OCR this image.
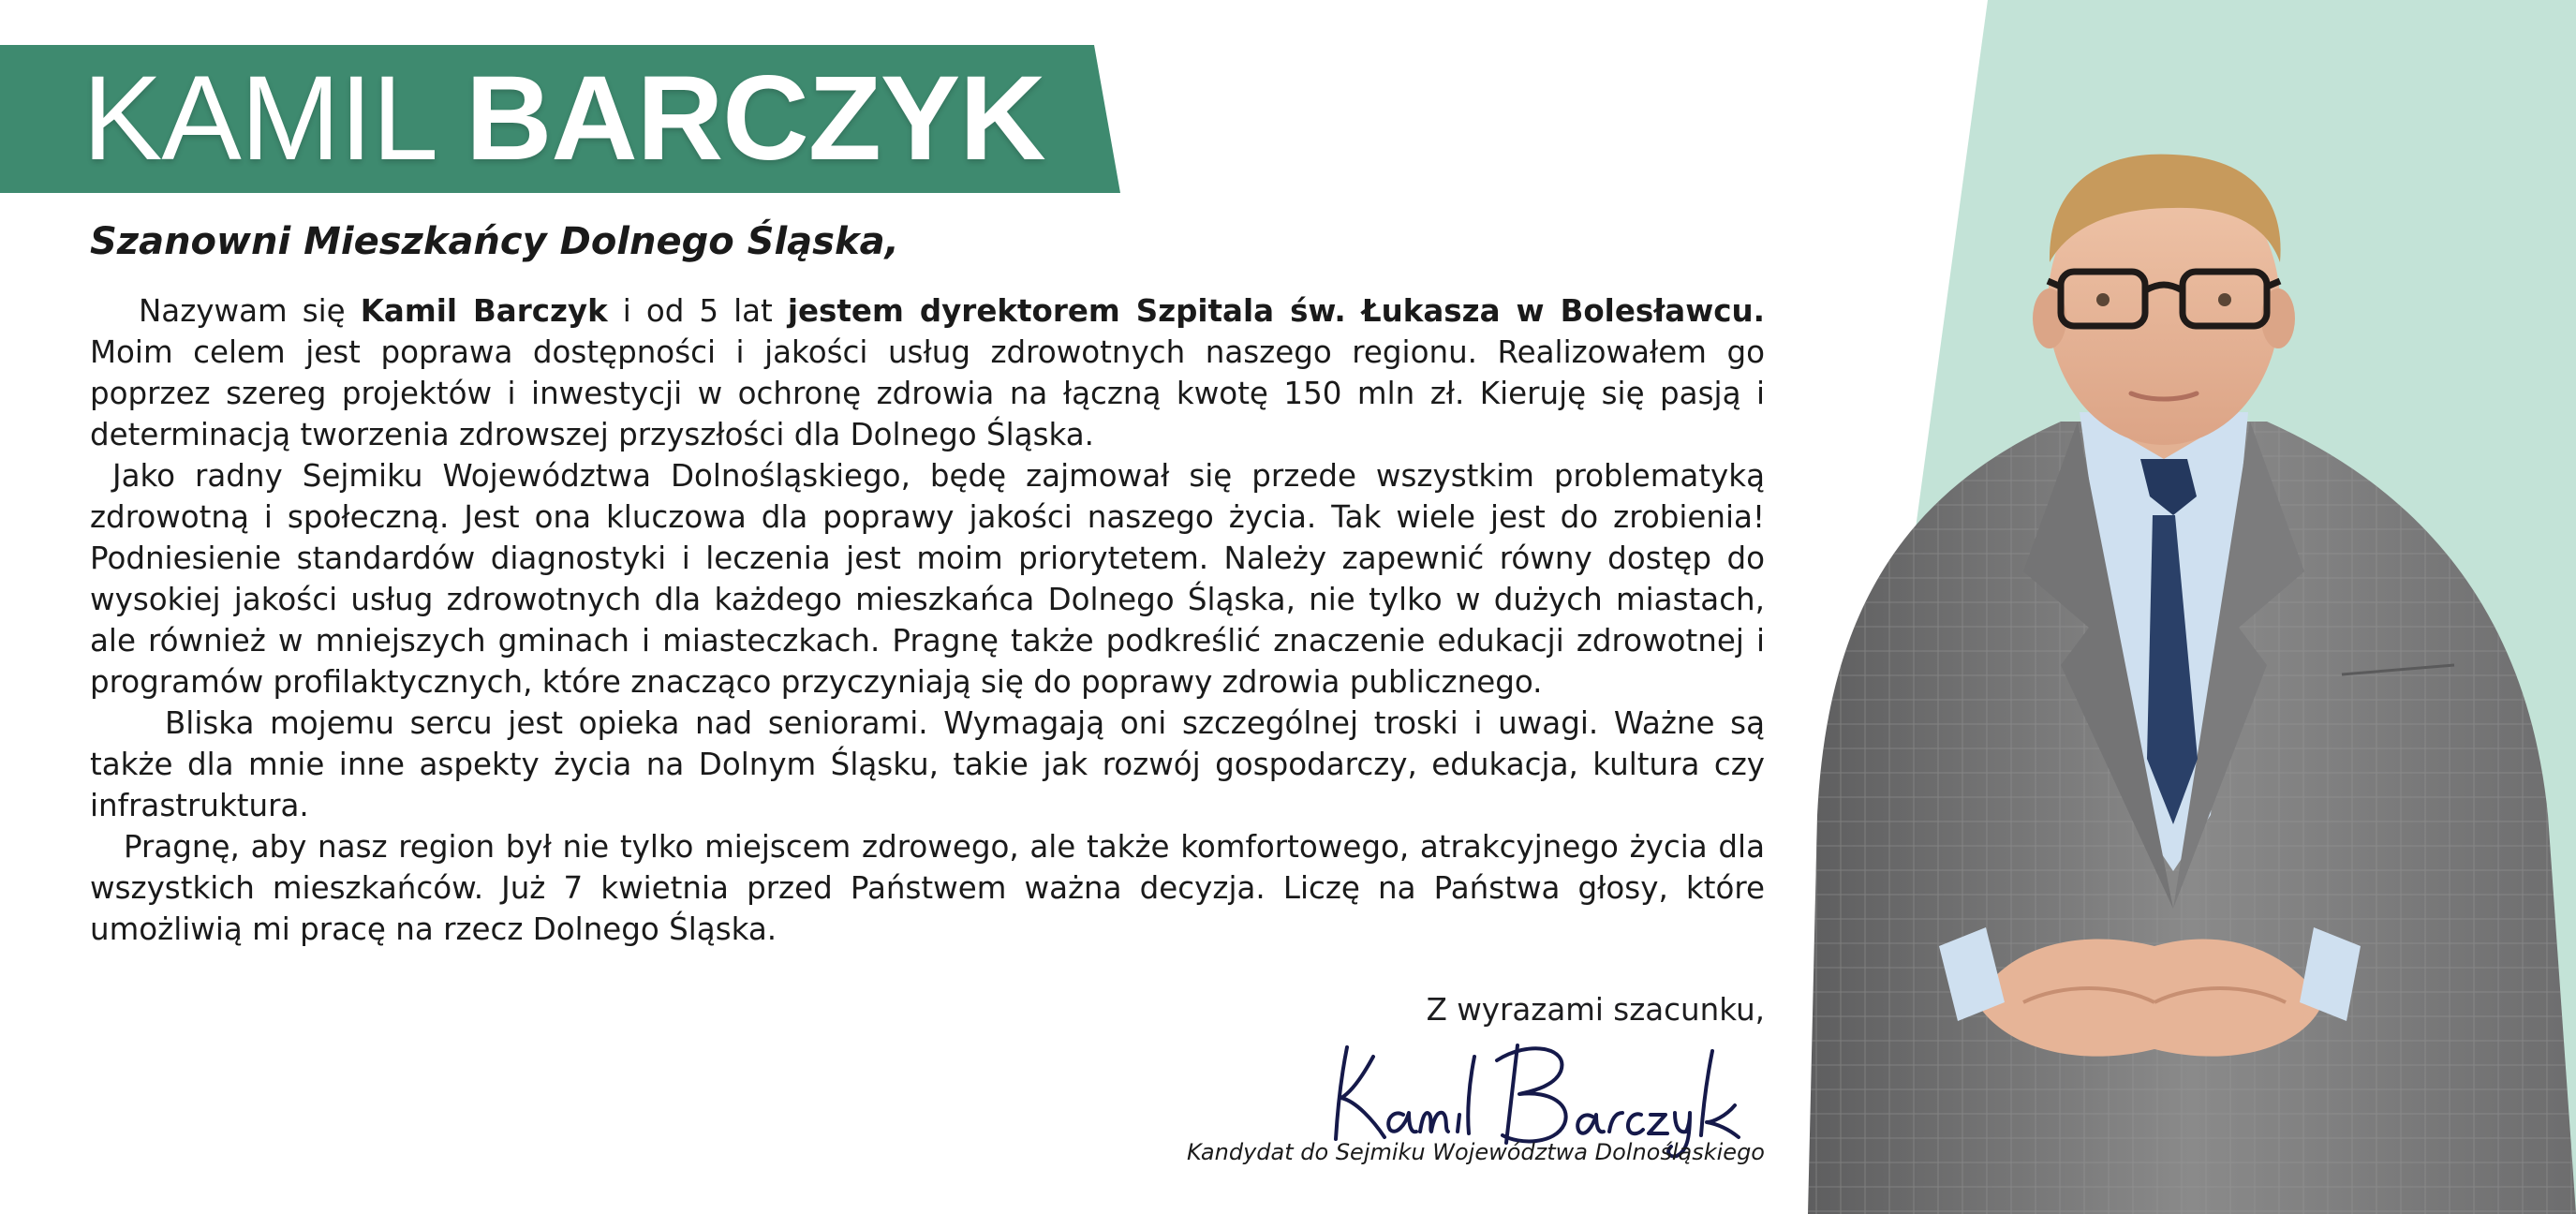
KAMIL BARCZYK
Szanowni Mieszkańcy Dolnego Śląska,

Nazywam się Kamil Barczyk i od 5 lat jestem dyrektorem Szpitala św. Łukasza w Bolesławcu. Moim celem jest poprawa dostępności i jakości usług zdrowotnych naszego regionu. Realizowałem go poprzez szereg projektów i inwestycji w ochronę zdrowia na łączną kwotę 150 mln zł. Kieruję się pasją i determinacją tworzenia zdrowszej przyszłości dla Dolnego Śląska.

Jako radny Sejmiku Województwa Dolnośląskiego, będę zajmował się przede wszystkim problematyką zdrowotną i społeczną. Jest ona kluczowa dla poprawy jakości naszego życia. Tak wiele jest do zrobienia! Podniesienie standardów diagnostyki i leczenia jest moim priorytetem. Należy zapewnić równy dostęp do wysokiej jakości usług zdrowotnych dla każdego mieszkańca Dolnego Śląska, nie tylko w dużych miastach, ale również w mniejszych gminach i miasteczkach. Pragnę także podkreślić znaczenie edukacji zdrowotnej i programów profilaktycznych, które znacząco przyczyniają się do poprawy zdrowia publicznego.

Bliska mojemu sercu jest opieka nad seniorami. Wymagają oni szczególnej troski i uwagi. Ważne są także dla mnie inne aspekty życia na Dolnym Śląsku, takie jak rozwój gospodarczy, edukacja, kultura czy infrastruktura.

Pragnę, aby nasz region był nie tylko miejscem zdrowego, ale także komfortowego, atrakcyjnego życia dla wszystkich mieszkańców. Już 7 kwietnia przed Państwem ważna decyzja. Liczę na Państwa głosy, które umożliwią mi pracę na rzecz Dolnego Śląska.

Z wyrazami szacunku,
Kandydat do Sejmiku Województwa Dolnośląskiego
